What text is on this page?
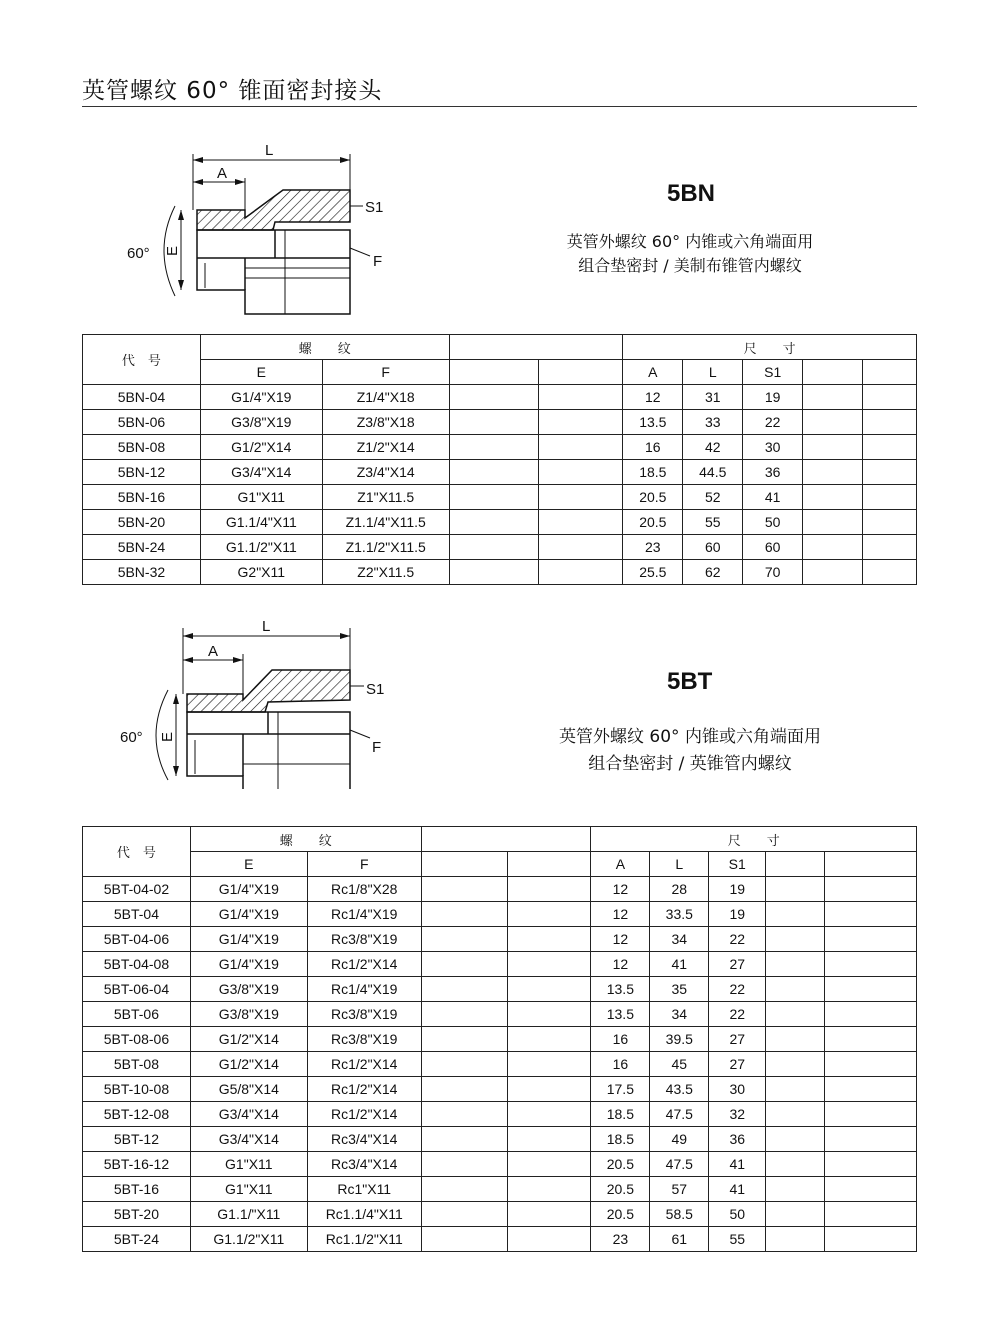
英管螺纹 60° 锥面密封接头
L
A
E
60°
S1
F
5BN
英管外螺纹 60° 内锥或六角端面用
组合垫密封 / 美制布锥管内螺纹
代　号	螺　　纹				尺　　寸				
	E	F			A	L	S1		
5BN-04	G1/4"X19	Z1/4"X18			12	31	19		
5BN-06	G3/8"X19	Z3/8"X18			13.5	33	22		
5BN-08	G1/2"X14	Z1/2"X14			16	42	30		
5BN-12	G3/4"X14	Z3/4"X14			18.5	44.5	36		
5BN-16	G1"X11	Z1"X11.5			20.5	52	41		
5BN-20	G1.1/4"X11	Z1.1/4"X11.5			20.5	55	50		
5BN-24	G1.1/2"X11	Z1.1/2"X11.5			23	60	60		
5BN-32	G2"X11	Z2"X11.5			25.5	62	70		
L
A
E
60°
S1
F
5BT
英管外螺纹 60° 内锥或六角端面用
组合垫密封 / 英锥管内螺纹
代　号	螺　　纹				尺　　寸				
	E	F			A	L	S1		
5BT-04-02	G1/4"X19	Rc1/8"X28			12	28	19		
5BT-04	G1/4"X19	Rc1/4"X19			12	33.5	19		
5BT-04-06	G1/4"X19	Rc3/8"X19			12	34	22		
5BT-04-08	G1/4"X19	Rc1/2"X14			12	41	27		
5BT-06-04	G3/8"X19	Rc1/4"X19			13.5	35	22		
5BT-06	G3/8"X19	Rc3/8"X19			13.5	34	22		
5BT-08-06	G1/2"X14	Rc3/8"X19			16	39.5	27		
5BT-08	G1/2"X14	Rc1/2"X14			16	45	27		
5BT-10-08	G5/8"X14	Rc1/2"X14			17.5	43.5	30		
5BT-12-08	G3/4"X14	Rc1/2"X14			18.5	47.5	32		
5BT-12	G3/4"X14	Rc3/4"X14			18.5	49	36		
5BT-16-12	G1"X11	Rc3/4"X14			20.5	47.5	41		
5BT-16	G1"X11	Rc1"X11			20.5	57	41		
5BT-20	G1.1/"X11	Rc1.1/4"X11			20.5	58.5	50		
5BT-24	G1.1/2"X11	Rc1.1/2"X11			23	61	55		
